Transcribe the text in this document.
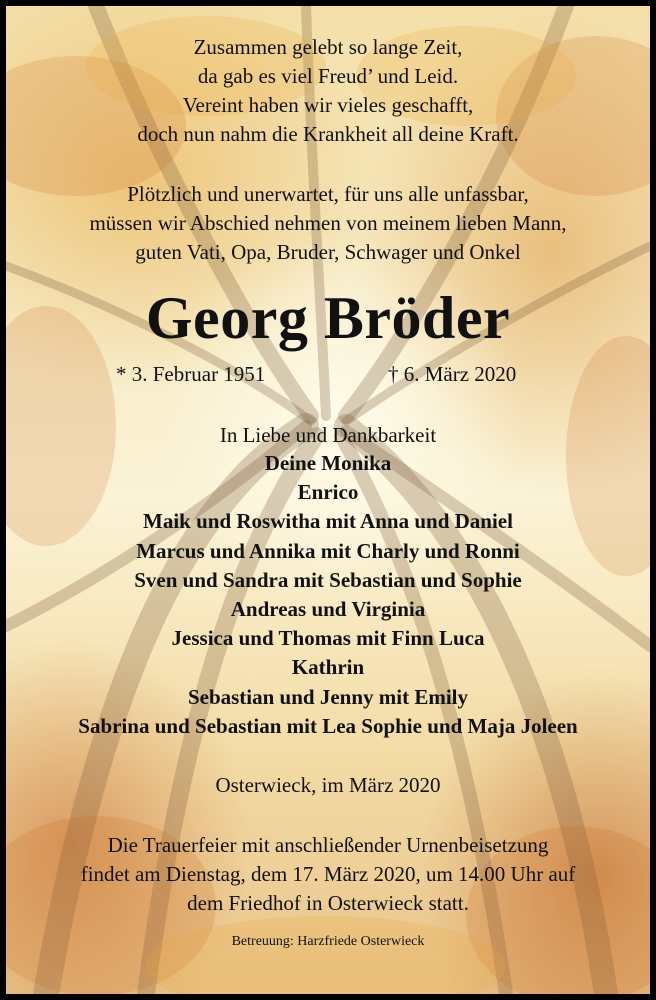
Zusammen gelebt so lange Zeit,
da gab es viel Freud’ und Leid.
Vereint haben wir vieles geschafft,
doch nun nahm die Krankheit all deine Kraft.
Plötzlich und unerwartet, für uns alle unfassbar,
müssen wir Abschied nehmen von meinem lieben Mann,
guten Vati, Opa, Bruder, Schwager und Onkel
Georg Bröder
* 3. Februar 1951	† 6. März 2020
In Liebe und Dankbarkeit
Deine Monika
Enrico
Maik und Roswitha mit Anna und Daniel
Marcus und Annika mit Charly und Ronni
Sven und Sandra mit Sebastian und Sophie
Andreas und Virginia
Jessica und Thomas mit Finn Luca
Kathrin
Sebastian und Jenny mit Emily
Sabrina und Sebastian mit Lea Sophie und Maja Joleen
Osterwieck, im März 2020
Die Trauerfeier mit anschließender Urnenbeisetzung
findet am Dienstag, dem 17. März 2020, um 14.00 Uhr auf
dem Friedhof in Osterwieck statt.
Betreuung: Harzfriede Osterwieck
